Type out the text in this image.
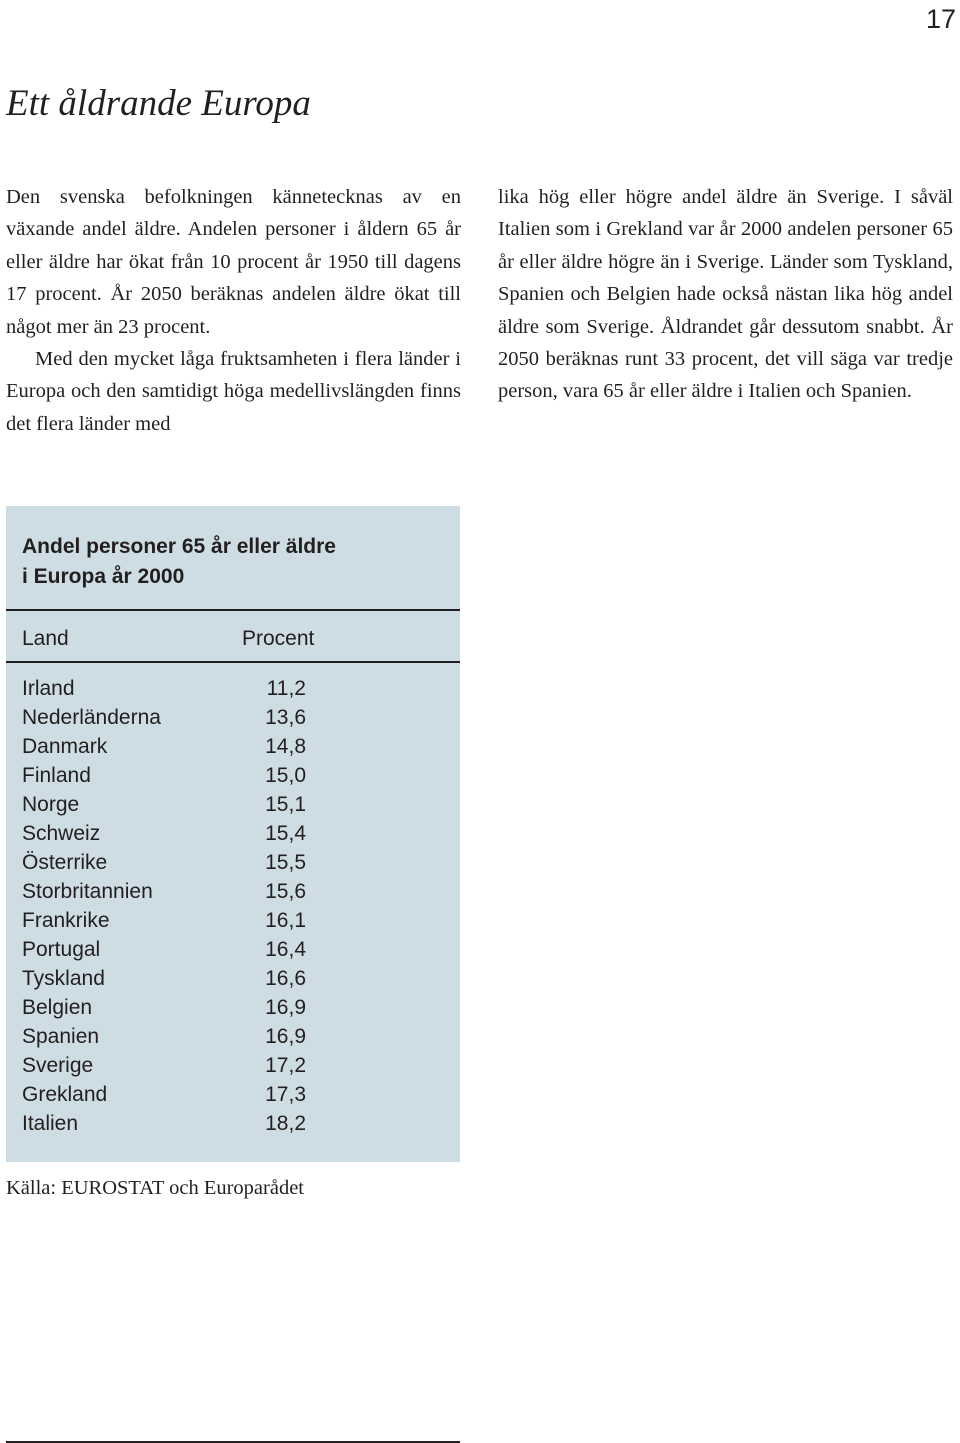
17
Ett åldrande Europa

Den svenska befolkningen kännetecknas av en växande andel äldre. Andelen personer i åldern 65 år eller äldre har ökat från 10 procent år 1950 till dagens 17 procent. År 2050 beräknas andelen äldre ökat till något mer än 23 procent.

Med den mycket låga fruktsamheten i flera länder i Europa och den samtidigt höga medellivslängden finns det flera länder med

lika hög eller högre andel äldre än Sverige. I såväl Italien som i Grekland var år 2000 andelen personer 65 år eller äldre högre än i Sverige. Länder som Tyskland, Spanien och Belgien hade också nästan lika hög andel äldre som Sverige. Åldrandet går dessutom snabbt. År 2050 beräknas runt 33 procent, det vill säga var tredje person, vara 65 år eller äldre i Italien och Spanien.

Andel personer 65 år eller äldre
i Europa år 2000
Land	Procent
Irland	11,2
Nederländerna	13,6
Danmark	14,8
Finland	15,0
Norge	15,1
Schweiz	15,4
Österrike	15,5
Storbritannien	15,6
Frankrike	16,1
Portugal	16,4
Tyskland	16,6
Belgien	16,9
Spanien	16,9
Sverige	17,2
Grekland	17,3
Italien	18,2
Källa: EUROSTAT och Europarådet
